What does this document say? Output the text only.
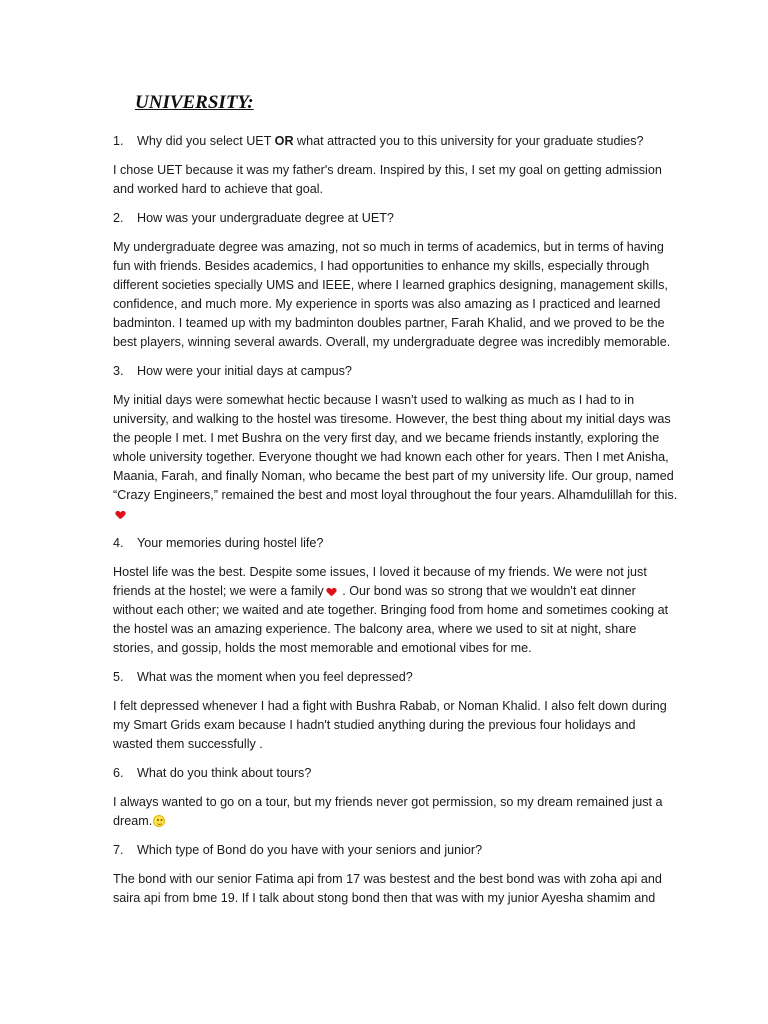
UNIVERSITY:
1.	Why did you select UET OR what attracted you to this university for your graduate studies?

I chose UET because it was my father's dream. Inspired by this, I set my goal on getting admission and worked hard to achieve that goal.

2.	How was your undergraduate degree at UET?

My undergraduate degree was amazing, not so much in terms of academics, but in terms of having fun with friends. Besides academics, I had opportunities to enhance my skills, especially through different societies specially UMS and IEEE, where I learned graphics designing, management skills, confidence, and much more. My experience in sports was also amazing as I practiced and learned badminton. I teamed up with my badminton doubles partner, Farah Khalid, and we proved to be the best players, winning several awards. Overall, my undergraduate degree was incredibly memorable.

3.	How were your initial days at campus?

My initial days were somewhat hectic because I wasn't used to walking as much as I had to in university, and walking to the hostel was tiresome. However, the best thing about my initial days was the people I met. I met Bushra on the very first day, and we became friends instantly, exploring the whole university together. Everyone thought we had known each other for years. Then I met Anisha, Maania, Farah, and finally Noman, who became the best part of my university life. Our group, named “Crazy Engineers,” remained the best and most loyal throughout the four years. Alhamdulillah for this.

4.	Your memories during hostel life?

Hostel life was the best. Despite some issues, I loved it because of my friends. We were not just friends at the hostel; we were a family . Our bond was so strong that we wouldn't eat dinner without each other; we waited and ate together. Bringing food from home and sometimes cooking at the hostel was an amazing experience. The balcony area, where we used to sit at night, share stories, and gossip, holds the most memorable and emotional vibes for me.

5.	What was the moment when you feel depressed?

I felt depressed whenever I had a fight with Bushra Rabab, or Noman Khalid. I also felt down during my Smart Grids exam because I hadn't studied anything during the previous four holidays and wasted them successfully .

6.	What do you think about tours?

I always wanted to go on a tour, but my friends never got permission, so my dream remained just a dream.

7.	Which type of Bond do you have with your seniors and junior?

The bond with our senior Fatima api from 17 was bestest and the best bond was with zoha api and saira api from bme 19. If I talk about stong bond then that was with my junior Ayesha shamim and
